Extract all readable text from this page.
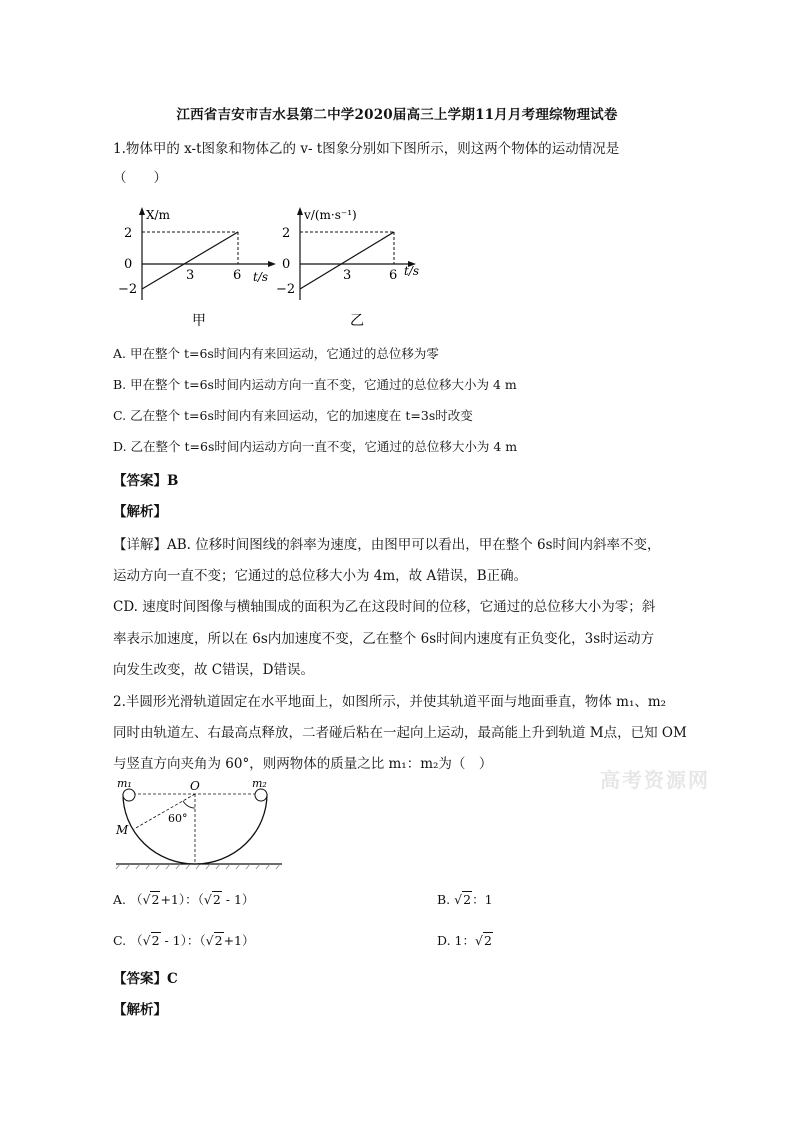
江西省吉安市吉水县第二中学2020届高三上学期11月月考理综物理试卷
1.物体甲的 x-t图象和物体乙的 v- t图象分别如下图所示，则这两个物体的运动情况是
（　　）
X/m
2
0
−2
3	6 t/s
甲
v/(m·s⁻¹)
2
0
−2
3	6 t/s
乙
A. 甲在整个 t=6s时间内有来回运动，它通过的总位移为零
B. 甲在整个 t=6s时间内运动方向一直不变，它通过的总位移大小为 4 m
C. 乙在整个 t=6s时间内有来回运动，它的加速度在 t=3s时改变
D. 乙在整个 t=6s时间内运动方向一直不变，它通过的总位移大小为 4 m
【答案】B
【解析】
【详解】AB. 位移时间图线的斜率为速度，由图甲可以看出，甲在整个 6s时间内斜率不变，
运动方向一直不变；它通过的总位移大小为 4m，故 A错误，B正确。
CD. 速度时间图像与横轴围成的面积为乙在这段时间的位移，它通过的总位移大小为零；斜
率表示加速度，所以在 6s内加速度不变，乙在整个 6s时间内速度有正负变化，3s时运动方
向发生改变，故 C错误，D错误。
2.半圆形光滑轨道固定在水平地面上，如图所示，并使其轨道平面与地面垂直，物体 m₁、m₂
同时由轨道左、右最高点释放，二者碰后粘在一起向上运动，最高能上升到轨道 M点，已知 OM
与竖直方向夹角为 60°，则两物体的质量之比 m₁：m₂为（　）
高考资源网
m₁	m₂
O
M
60°
A. （√2+1）：（√2 - 1）	B. √2：1
C. （√2 - 1）：（√2+1）	D. 1：√2
【答案】C
【解析】
